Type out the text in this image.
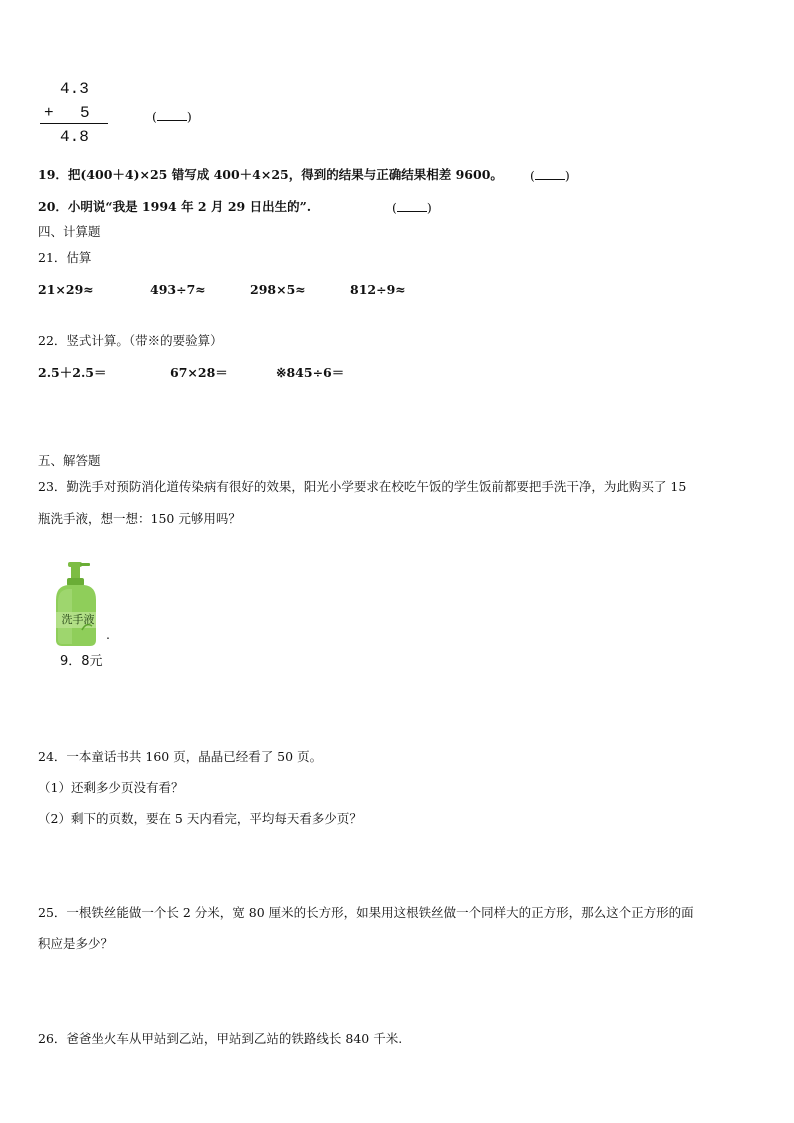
4.3
+ 5
4.8
( )
19．把(400＋4)×25 错写成 400＋4×25，得到的结果与正确结果相差 9600。 ( )
20．小明说“我是 1994 年 2 月 29 日出生的”.	( )
四、计算题
21．估算
21×29≈	493÷7≈	298×5≈	812÷9≈
22．竖式计算。（带※的要验算）
2.5＋2.5＝	67×28＝	※845÷6＝
五、解答题
23．勤洗手对预防消化道传染病有很好的效果，阳光小学要求在校吃午饭的学生饭前都要把手洗干净，为此购买了 15
瓶洗手液，想一想：150 元够用吗？
洗手液
.
9．8元
24．一本童话书共 160 页，晶晶已经看了 50 页。
（1）还剩多少页没有看？
（2）剩下的页数，要在 5 天内看完，平均每天看多少页？
25．一根铁丝能做一个长 2 分米，宽 80 厘米的长方形，如果用这根铁丝做一个同样大的正方形，那么这个正方形的面
积应是多少？
26．爸爸坐火车从甲站到乙站，甲站到乙站的铁路线长 840 千米.
